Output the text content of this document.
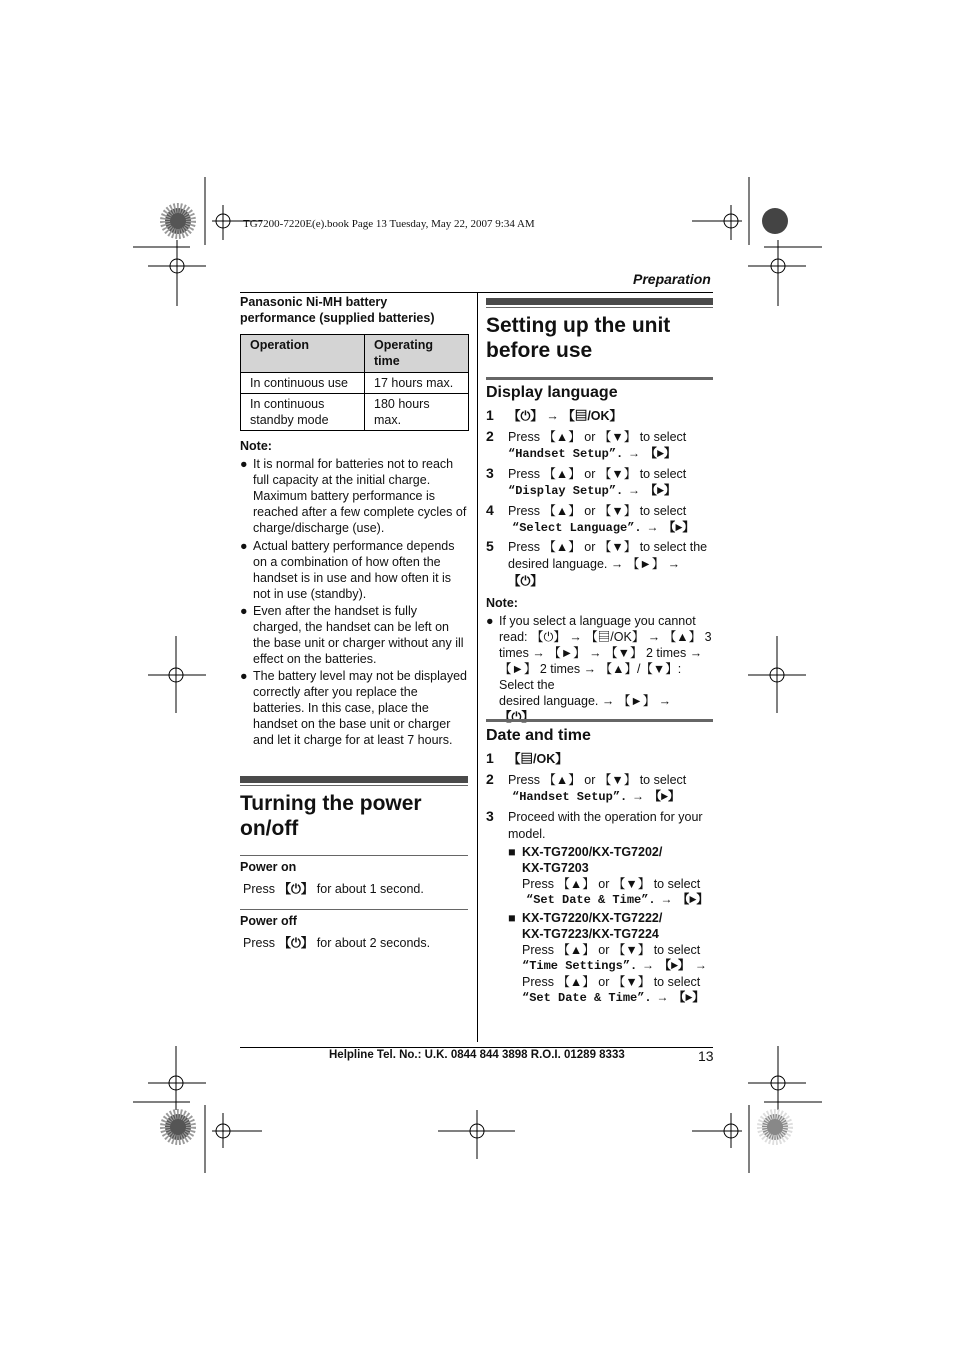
TG7200-7220E(e).book Page 13 Tuesday, May 22, 2007 9:34 AM
Preparation
Panasonic Ni-MH battery
performance (supplied batteries)
Operation	Operating time
In continuous use	17 hours max.
In continuous standby mode	180 hours max.
Note:
● It is normal for batteries not to reach full capacity at the initial charge. Maximum battery performance is reached after a few complete cycles of charge/discharge (use).
● Actual battery performance depends on a combination of how often the handset is in use and how often it is not in use (standby).
● Even after the handset is fully charged, the handset can be left on the base unit or charger without any ill effect on the batteries.
● The battery level may not be displayed correctly after you replace the batteries. In this case, place the handset on the base unit or charger and let it charge for at least 7 hours.
Turning the power on/off
Power on
Press 【⏻】 for about 1 second.
Power off
Press 【⏻】 for about 2 seconds.
Setting up the unit before use
Display language
1 【⏻】 → 【▤/OK】
2 Press 【▲】 or 【▼】 to select
“Handset Setup”. → 【►】
3 Press 【▲】 or 【▼】 to select
“Display Setup”. → 【►】
4 Press 【▲】 or 【▼】 to select
“Select Language”. → 【►】
5 Press 【▲】 or 【▼】 to select the
desired language. → 【►】 →
【⏻】
Note:
● If you select a language you cannot
read: 【⏻】 → 【▤/OK】 → 【▲】 3
times → 【►】 → 【▼】 2 times →
【►】 2 times → 【▲】/【▼】: Select the
desired language. → 【►】 →
【⏻】
Date and time
1 【▤/OK】
2 Press 【▲】 or 【▼】 to select
“Handset Setup”. → 【►】
3 Proceed with the operation for your
model.
■ KX-TG7200/KX-TG7202/
KX-TG7203
Press 【▲】 or 【▼】 to select
“Set Date & Time”. → 【►】
■ KX-TG7220/KX-TG7222/
KX-TG7223/KX-TG7224
Press 【▲】 or 【▼】 to select
“Time Settings”. → 【►】 →
Press 【▲】 or 【▼】 to select
“Set Date & Time”. → 【►】
Helpline Tel. No.: U.K. 0844 844 3898 R.O.I. 01289 8333	13
